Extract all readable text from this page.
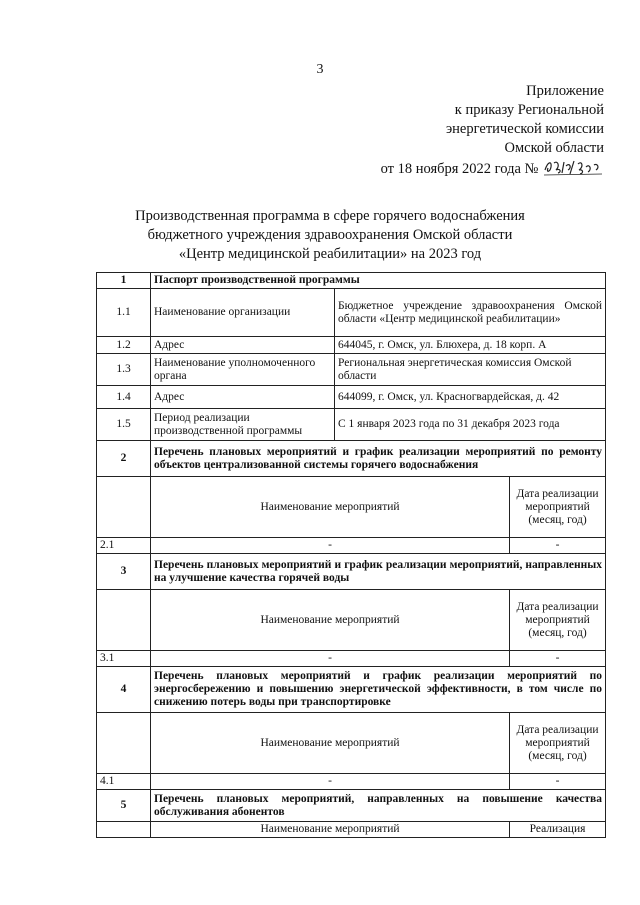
3
Приложение
к приказу Региональной
энергетической комиссии
Омской области
от 18 ноября 2022 года №
Производственная программа в сфере горячего водоснабжения
бюджетного учреждения здравоохранения Омской области
«Центр медицинской реабилитации» на 2023 год
1	Паспорт производственной программы		
1.1	Наименование организации	Бюджетное учреждение здравоохранения Омской области «Центр медицинской реабилитации»	
1.2	Адрес	644045, г. Омск, ул. Блюхера, д. 18 корп. А	
1.3	Наименование уполномоченного органа	Региональная энергетическая комиссия Омской области	
1.4	Адрес	644099, г. Омск, ул. Красногвардейская, д. 42	
1.5	Период реализации производственной программы	С 1 января 2023 года по 31 декабря 2023 года	
2	Перечень плановых мероприятий и график реализации мероприятий по ремонту объектов централизованной системы горячего водоснабжения		
	Наименование мероприятий		Дата реализации мероприятий (месяц, год)
2.1	-		-
3	Перечень плановых мероприятий и график реализации мероприятий, направленных на улучшение качества горячей воды		
	Наименование мероприятий		Дата реализации мероприятий (месяц, год)
3.1	-		-
4	Перечень плановых мероприятий и график реализации мероприятий по энергосбережению и повышению энергетической эффективности, в том числе по снижению потерь воды при транспортировке		
	Наименование мероприятий		Дата реализации мероприятий (месяц, год)
4.1	-		-
5	Перечень плановых мероприятий, направленных на повышение качества обслуживания абонентов		
	Наименование мероприятий		Реализация
